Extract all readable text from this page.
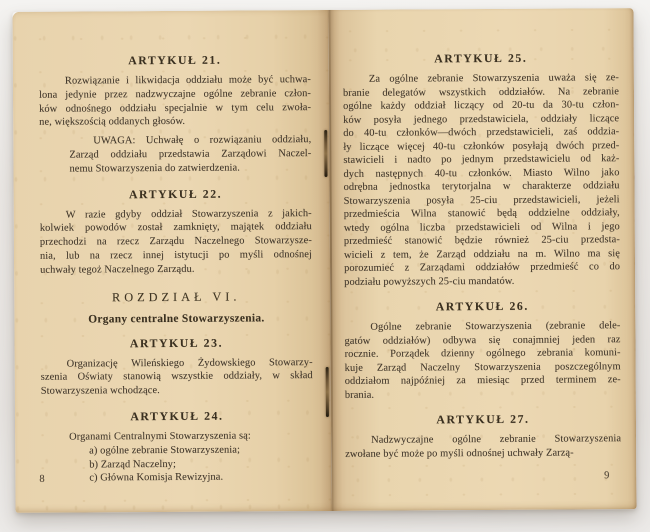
ARTYKUŁ 21.
Rozwiązanie i likwidacja oddziału może być uchwa-
lona jedynie przez nadzwyczajne ogólne zebranie człon-
ków odnośnego oddziału specjalnie w tym celu zwoła-
ne, większością oddanych głosów.
UWAGA: Uchwałę o rozwiązaniu oddziału,
Zarząd oddziału przedstawia Zarządowi Naczel-
nemu Stowarzyszenia do zatwierdzenia.
ARTYKUŁ 22.
W razie gdyby oddział Stowarzyszenia z jakich-
kolwiek powodów został zamknięty, majątek oddziału
przechodzi na rzecz Zarządu Naczelnego Stowarzysze-
nia, lub na rzecz innej istytucji po myśli odnośnej
uchwały tegoż Naczelnego Zarządu.
ROZDZIAŁ VI.
Organy centralne Stowarzyszenia.
ARTYKUŁ 23.
Organizację Wileńskiego Żydowskiego Stowarzy-
szenia Oświaty stanowią wszystkie oddziały, w skład
Stowarzyszenia wchodzące.
ARTYKUŁ 24.
Organami Centralnymi Stowarzyszenia są:
a) ogólne zebranie Stowarzyszenia;
b) Zarząd Naczelny;
c) Główna Komisja Rewizyjna.
8
ARTYKUŁ 25.
Za ogólne zebranie Stowarzyszenia uważa się ze-
branie delegatów wszystkich oddziałów. Na zebranie
ogólne każdy oddział liczący od 20-tu da 30-tu człon-
ków posyła jednego przedstawiciela, oddziały liczące
do 40-tu członków—dwóch przedstawicieli, zaś oddzia-
ły liczące więcej 40-tu członków posyłają dwóch przed-
stawicieli i nadto po jednym przedstawicielu od każ-
dych następnych 40-tu członków. Miasto Wilno jako
odrębna jednostka terytorjalna w charakterze oddziału
Stowarzyszenia posyła 25-ciu przedstawicieli, jeżeli
przedmieścia Wilna stanowić będą oddzielne oddziały,
wtedy ogólna liczba przedstawicieli od Wilna i jego
przedmieść stanowić będzie również 25-ciu przedsta-
wicieli z tem, że Zarząd oddziału na m. Wilno ma się
porozumieć z Zarządami oddziałów przedmieść co do
podziału powyższych 25-ciu mandatów.
ARTYKUŁ 26.
Ogólne zebranie Stowarzyszenia (zebranie dele-
gatów oddziałów) odbywa się conajmniej jeden raz
rocznie. Porządek dzienny ogólnego zebrania komuni-
kuje Zarząd Naczelny Stowarzyszenia poszczególnym
oddziałom najpóźniej za miesiąc przed terminem ze-
brania.
ARTYKUŁ 27.
Nadzwyczajne ogólne zebranie Stowarzyszenia
zwołane być może po myśli odnośnej uchwały Zarzą-
9
